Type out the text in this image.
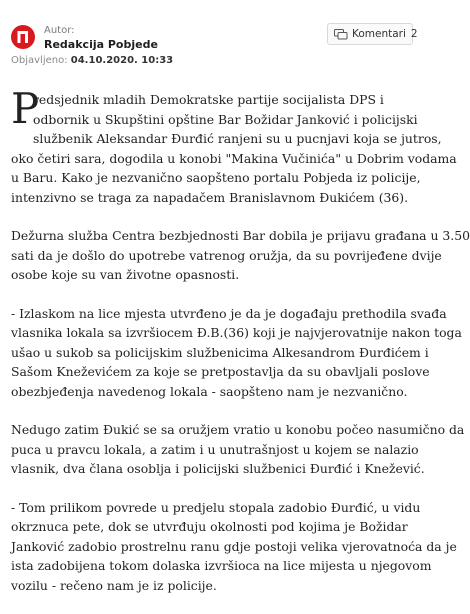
Autor:
Redakcija Pobjede
Komentari 2
Objavljeno: 04.10.2020. 10:33
P
redsjednik mladih Demokratske partije socijalista DPS i
odbornik u Skupštini opštine Bar Božidar Janković i policijski
službenik Aleksandar Đurđić ranjeni su u pucnjavi koja se jutros,
oko četiri sara, dogodila u konobi "Makina Vučinića" u Dobrim vodama
u Baru. Kako je nezvanično saopšteno portalu Pobjeda iz policije,
intenzivno se traga za napadačem Branislavnom Đukićem (36).
Dežurna služba Centra bezbjednosti Bar dobila je prijavu građana u 3.50
sati da je došlo do upotrebe vatrenog oružja, da su povrijeđene dvije
osobe koje su van životne opasnosti.
- Izlaskom na lice mjesta utvrđeno je da je događaju prethodila svađa
vlasnika lokala sa izvršiocem Đ.B.(36) koji je najvjerovatnije nakon toga
ušao u sukob sa policijskim službenicima Alkesandrom Đurđićem i
Sašom Kneževićem za koje se pretpostavlja da su obavljali poslove
obezbjeđenja navedenog lokala - saopšteno nam je nezvanično.
Nedugo zatim Đukić se sa oružjem vratio u konobu počeo nasumično da
puca u pravcu lokala, a zatim i u unutrašnjost u kojem se nalazio
vlasnik, dva člana osoblja i policijski službenici Đurđić i Knežević.
- Tom prilikom povrede u predjelu stopala zadobio Đurđić, u vidu
okrznuca pete, dok se utvrđuju okolnosti pod kojima je Božidar
Janković zadobio prostrelnu ranu gdje postoji velika vjerovatnoća da je
ista zadobijena tokom dolaska izvršioca na lice mijesta u njegovom
vozilu - rečeno nam je iz policije.
